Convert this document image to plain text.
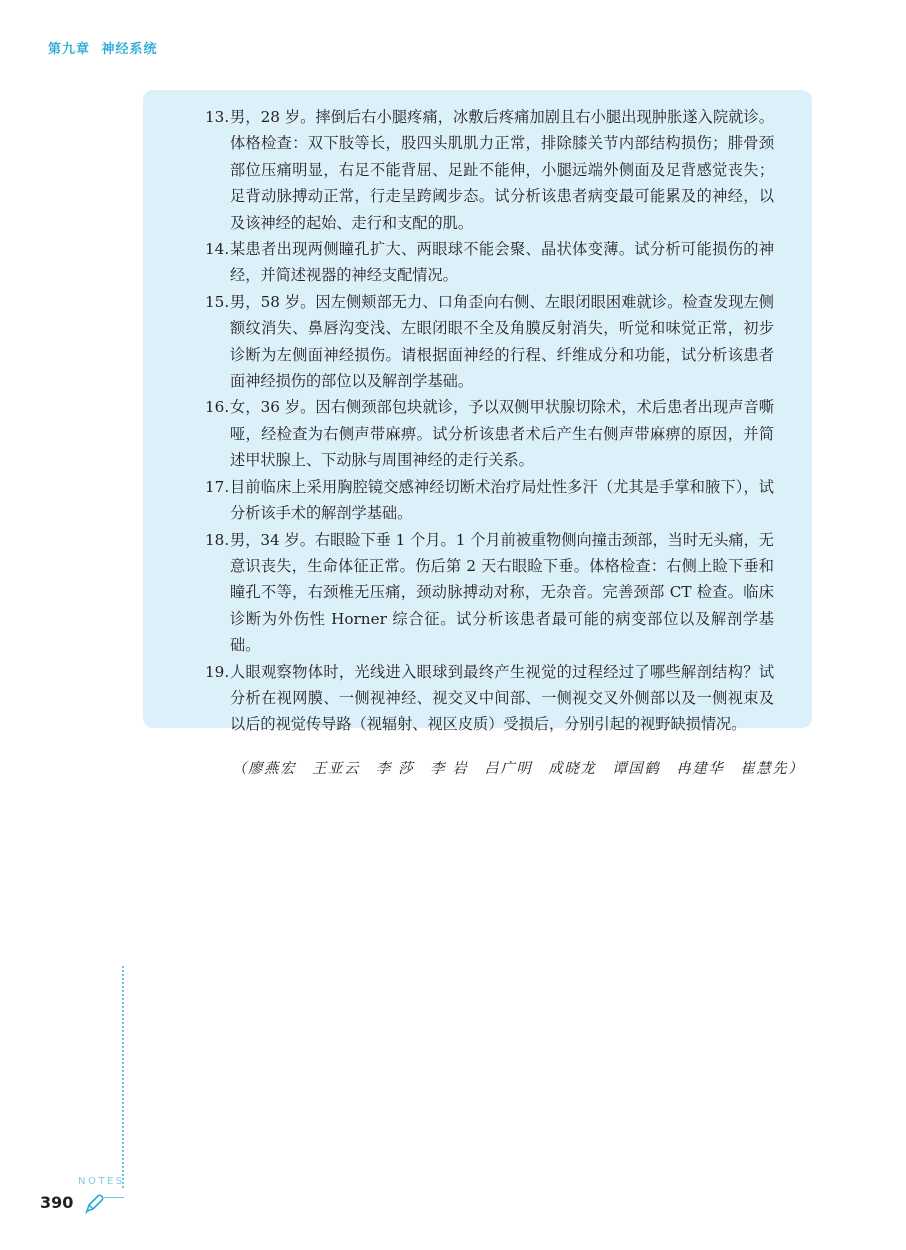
第九章 神经系统
13. 男，28 岁。摔倒后右小腿疼痛，冰敷后疼痛加剧且右小腿出现肿胀遂入院就诊。体格检查：双下肢等长，股四头肌肌力正常，排除膝关节内部结构损伤；腓骨颈部位压痛明显，右足不能背屈、足趾不能伸，小腿远端外侧面及足背感觉丧失；足背动脉搏动正常，行走呈跨阈步态。试分析该患者病变最可能累及的神经，以及该神经的起始、走行和支配的肌。
14. 某患者出现两侧瞳孔扩大、两眼球不能会聚、晶状体变薄。试分析可能损伤的神经，并简述视器的神经支配情况。
15. 男，58 岁。因左侧颊部无力、口角歪向右侧、左眼闭眼困难就诊。检查发现左侧额纹消失、鼻唇沟变浅、左眼闭眼不全及角膜反射消失，听觉和味觉正常，初步诊断为左侧面神经损伤。请根据面神经的行程、纤维成分和功能，试分析该患者面神经损伤的部位以及解剖学基础。
16. 女，36 岁。因右侧颈部包块就诊，予以双侧甲状腺切除术，术后患者出现声音嘶哑，经检查为右侧声带麻痹。试分析该患者术后产生右侧声带麻痹的原因，并简述甲状腺上、下动脉与周围神经的走行关系。
17. 目前临床上采用胸腔镜交感神经切断术治疗局灶性多汗（尤其是手掌和腋下），试分析该手术的解剖学基础。
18. 男，34 岁。右眼睑下垂 1 个月。1 个月前被重物侧向撞击颈部，当时无头痛，无意识丧失，生命体征正常。伤后第 2 天右眼睑下垂。体格检查：右侧上睑下垂和瞳孔不等，右颈椎无压痛，颈动脉搏动对称，无杂音。完善颈部 CT 检查。临床诊断为外伤性 Horner 综合征。试分析该患者最可能的病变部位以及解剖学基础。
19. 人眼观察物体时，光线进入眼球到最终产生视觉的过程经过了哪些解剖结构？试分析在视网膜、一侧视神经、视交叉中间部、一侧视交叉外侧部以及一侧视束及以后的视觉传导路（视辐射、视区皮质）受损后，分别引起的视野缺损情况。
（廖燕宏　王亚云　李 莎　李 岩　吕广明　成晓龙　谭国鹤　冉建华　崔慧先）
NOTES
390
